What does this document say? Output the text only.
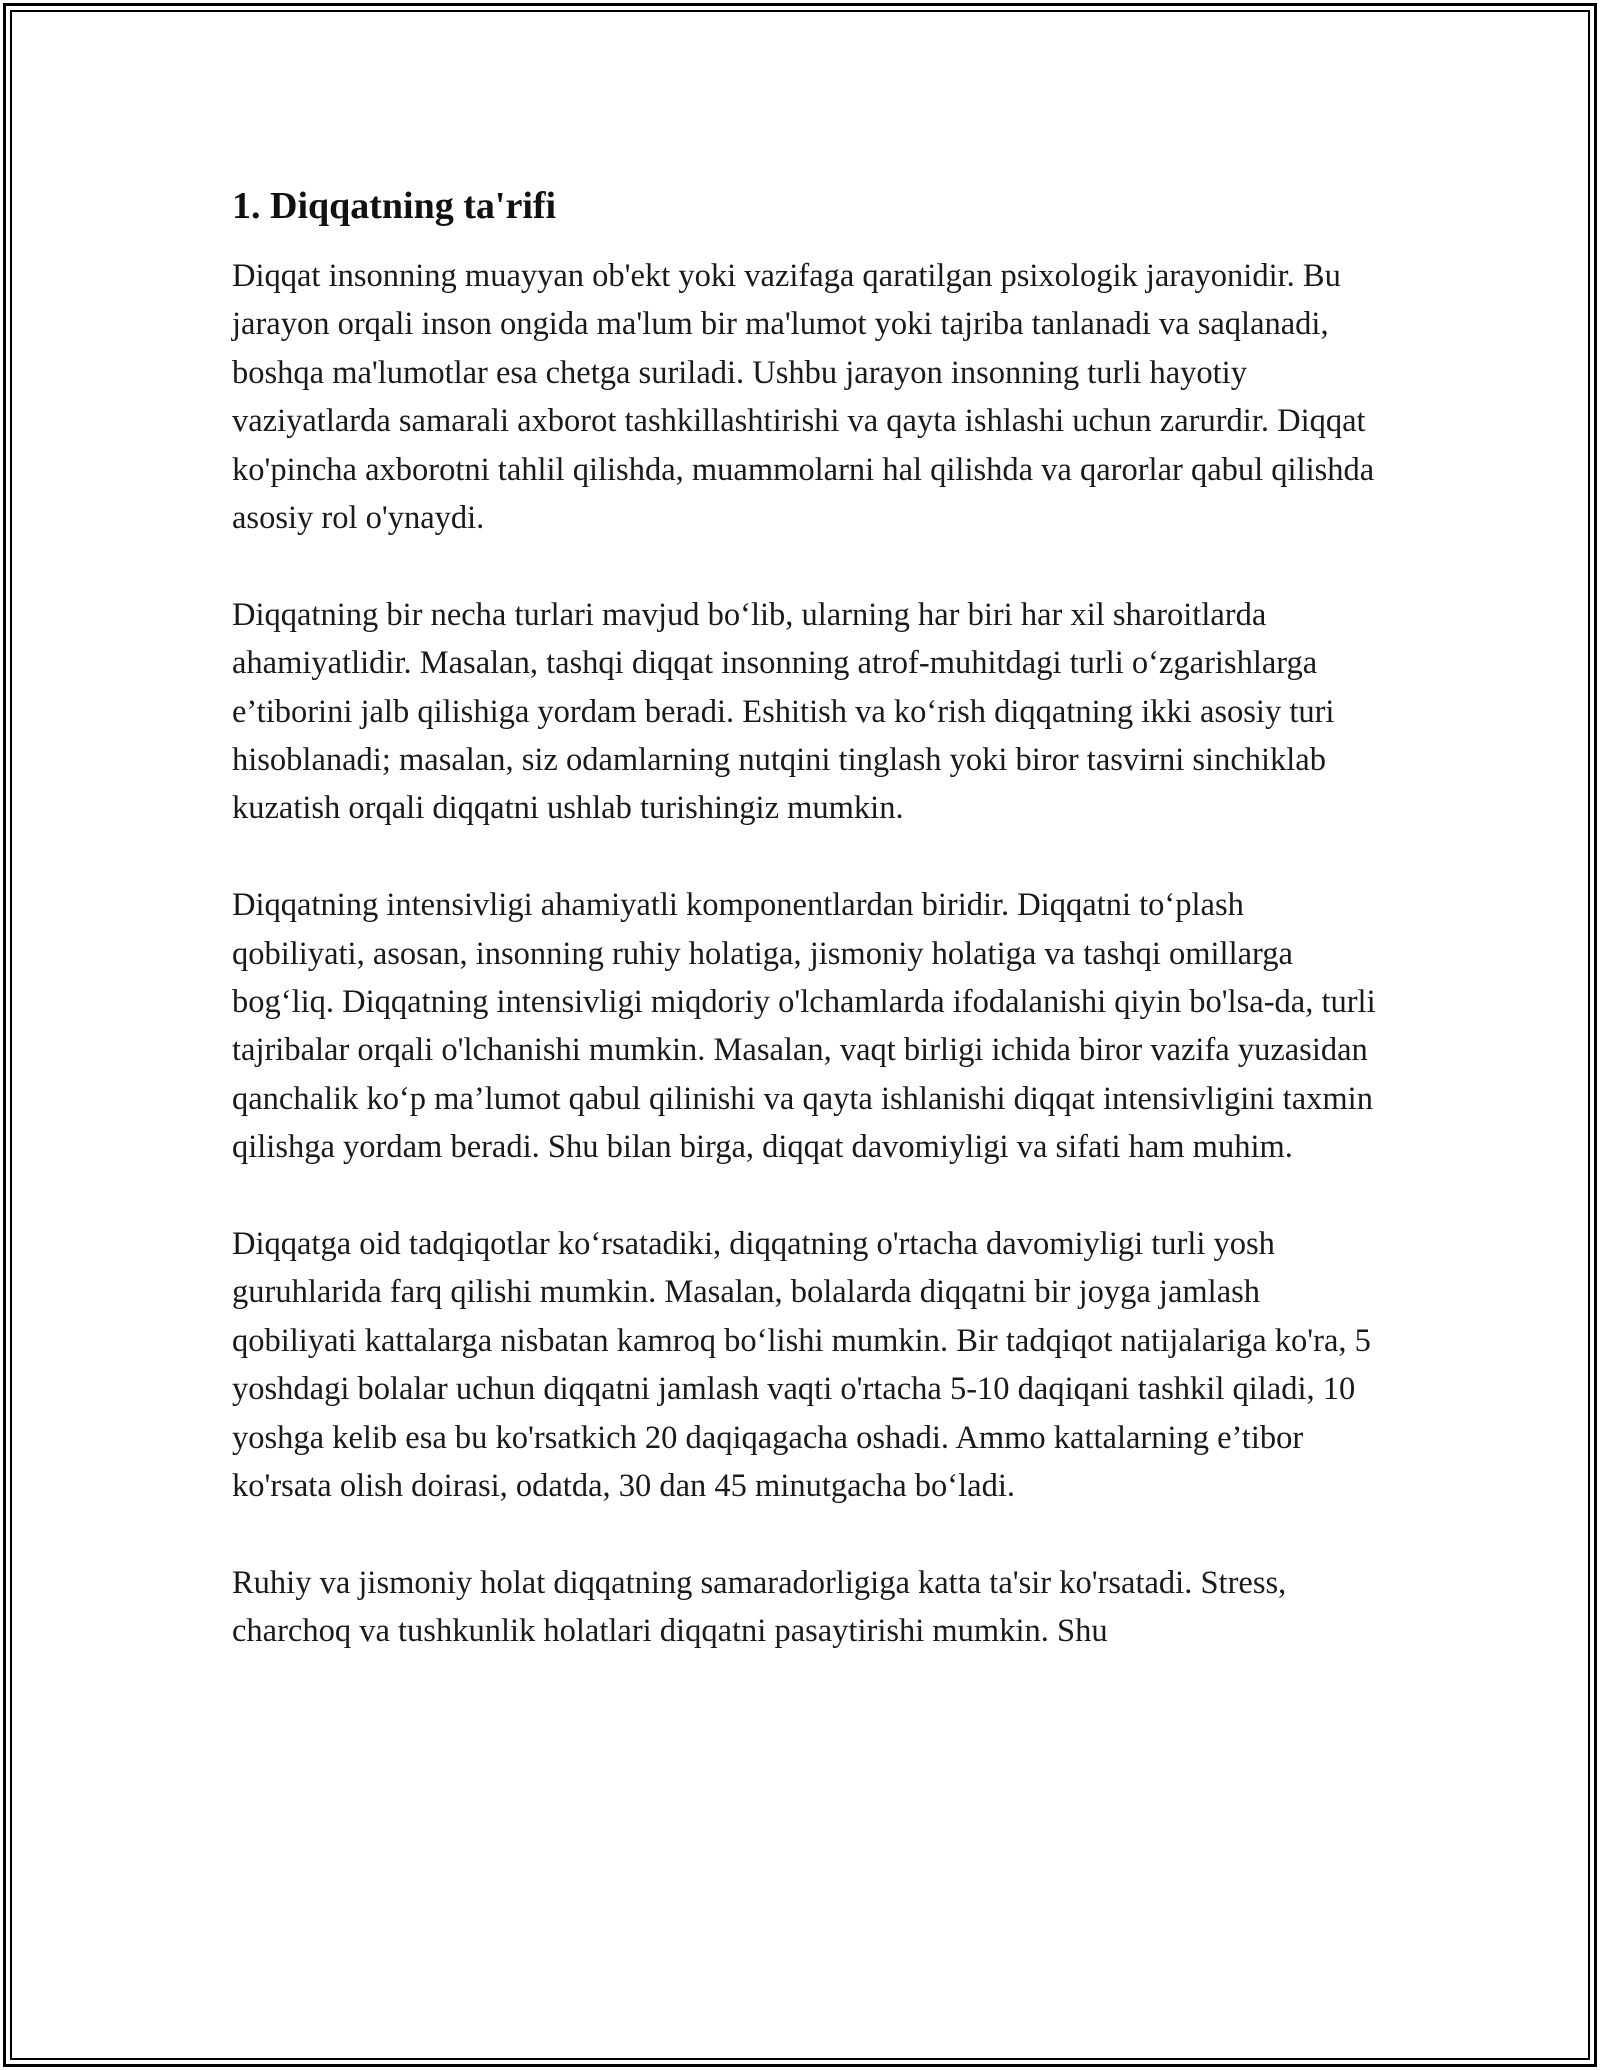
1. Diqqatning ta'rifi

Diqqat insonning muayyan ob'ekt yoki vazifaga qaratilgan psixologik jarayonidir. Bu jarayon orqali inson ongida ma'lum bir ma'lumot yoki tajriba tanlanadi va saqlanadi, boshqa ma'lumotlar esa chetga suriladi. Ushbu jarayon insonning turli hayotiy vaziyatlarda samarali axborot tashkillashtirishi va qayta ishlashi uchun zarurdir. Diqqat ko'pincha axborotni tahlil qilishda, muammolarni hal qilishda va qarorlar qabul qilishda asosiy rol o'ynaydi.

Diqqatning bir necha turlari mavjud bo‘lib, ularning har biri har xil sharoitlarda ahamiyatlidir. Masalan, tashqi diqqat insonning atrof-muhitdagi turli o‘zgarishlarga e’tiborini jalb qilishiga yordam beradi. Eshitish va ko‘rish diqqatning ikki asosiy turi hisoblanadi; masalan, siz odamlarning nutqini tinglash yoki biror tasvirni sinchiklab kuzatish orqali diqqatni ushlab turishingiz mumkin.

Diqqatning intensivligi ahamiyatli komponentlardan biridir. Diqqatni to‘plash qobiliyati, asosan, insonning ruhiy holatiga, jismoniy holatiga va tashqi omillarga bog‘liq. Diqqatning intensivligi miqdoriy o'lchamlarda ifodalanishi qiyin bo'lsa-da, turli tajribalar orqali o'lchanishi mumkin. Masalan, vaqt birligi ichida biror vazifa yuzasidan qanchalik ko‘p ma’lumot qabul qilinishi va qayta ishlanishi diqqat intensivligini taxmin qilishga yordam beradi. Shu bilan birga, diqqat davomiyligi va sifati ham muhim.

Diqqatga oid tadqiqotlar ko‘rsatadiki, diqqatning o'rtacha davomiyligi turli yosh guruhlarida farq qilishi mumkin. Masalan, bolalarda diqqatni bir joyga jamlash qobiliyati kattalarga nisbatan kamroq bo‘lishi mumkin. Bir tadqiqot natijalariga ko'ra, 5 yoshdagi bolalar uchun diqqatni jamlash vaqti o'rtacha 5-10 daqiqani tashkil qiladi, 10 yoshga kelib esa bu ko'rsatkich 20 daqiqagacha oshadi. Ammo kattalarning e’tibor ko'rsata olish doirasi, odatda, 30 dan 45 minutgacha bo‘ladi.

Ruhiy va jismoniy holat diqqatning samaradorligiga katta ta'sir ko'rsatadi. Stress, charchoq va tushkunlik holatlari diqqatni pasaytirishi mumkin. Shu
